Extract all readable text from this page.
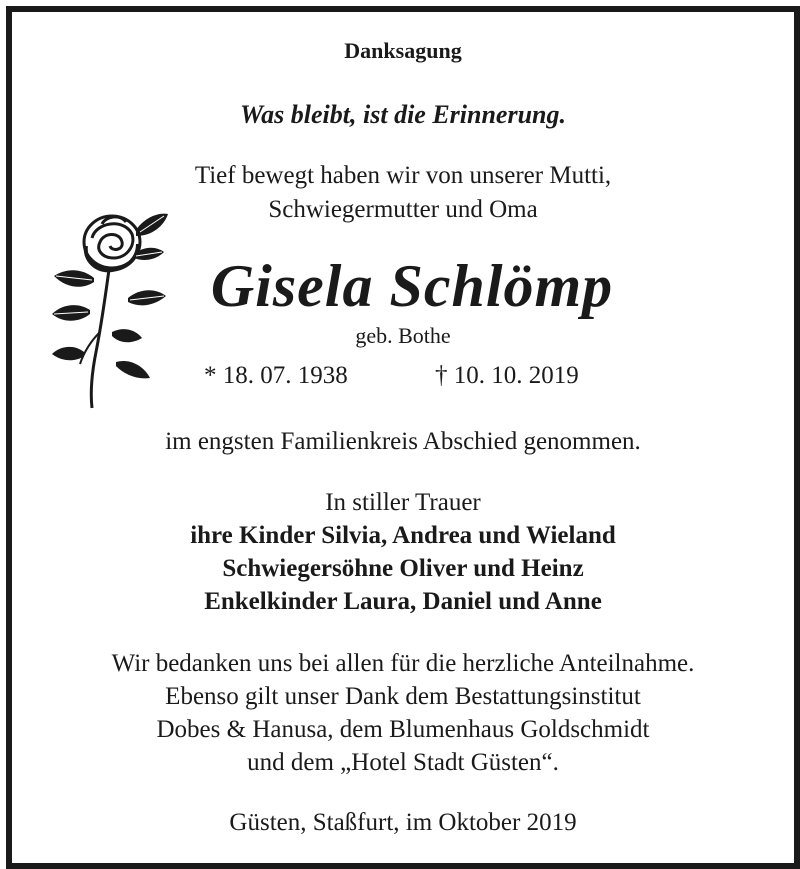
Danksagung
Was bleibt, ist die Erinnerung.
Tief bewegt haben wir von unserer Mutti,
Schwiegermutter und Oma
Gisela Schlömp
geb. Bothe
* 18. 07. 1938	† 10. 10. 2019
im engsten Familienkreis Abschied genommen.
In stiller Trauer
ihre Kinder Silvia, Andrea und Wieland
Schwiegersöhne Oliver und Heinz
Enkelkinder Laura, Daniel und Anne
Wir bedanken uns bei allen für die herzliche Anteilnahme.
Ebenso gilt unser Dank dem Bestattungsinstitut
Dobes & Hanusa, dem Blumenhaus Goldschmidt
und dem „Hotel Stadt Güsten“.
Güsten, Staßfurt, im Oktober 2019
